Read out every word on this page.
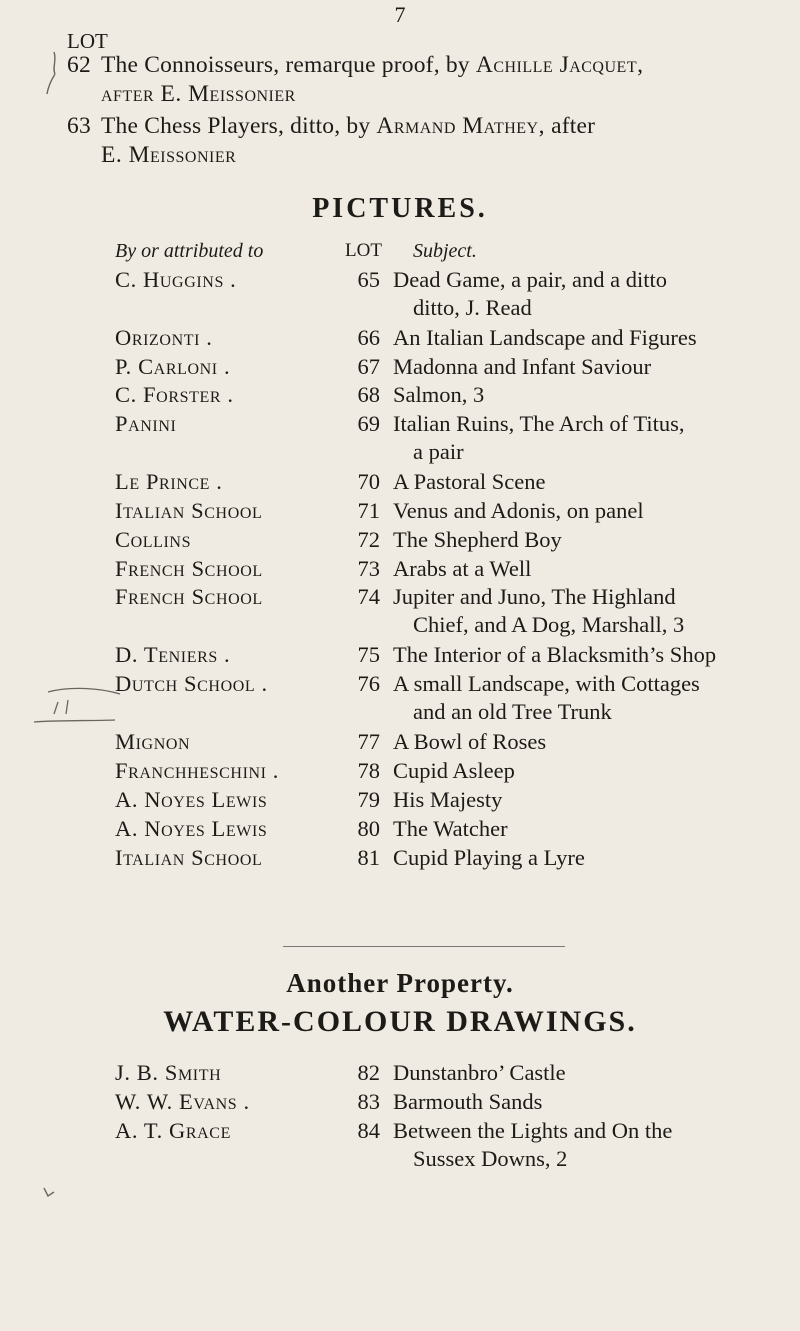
7
LOT
62 The Connoisseurs, remarque proof, by Achille Jacquet,
after E. Meissonier
63 The Chess Players, ditto, by Armand Mathey, after
E. Meissonier
PICTURES.
By or attributed to	LOT Subject.
C. Huggins .	65 Dead Game, a pair, and a ditto
ditto, J. Read
Orizonti .	66 An Italian Landscape and Figures
P. Carloni .	67 Madonna and Infant Saviour
C. Forster .	68 Salmon, 3
Panini	69 Italian Ruins, The Arch of Titus,
a pair
Le Prince .	70 A Pastoral Scene
Italian School	71 Venus and Adonis, on panel
Collins	72 The Shepherd Boy
French School	73 Arabs at a Well
French School	74 Jupiter and Juno, The Highland
Chief, and A Dog, Marshall, 3
D. Teniers .	75 The Interior of a Blacksmith’s Shop
Dutch School .	76 A small Landscape, with Cottages
and an old Tree Trunk
Mignon	77 A Bowl of Roses
Franchheschini .	78 Cupid Asleep
A. Noyes Lewis	79 His Majesty
A. Noyes Lewis	80 The Watcher
Italian School	81 Cupid Playing a Lyre
Another Property.
WATER-COLOUR DRAWINGS.
J. B. Smith	82 Dunstanbro’ Castle
W. W. Evans .	83 Barmouth Sands
A. T. Grace	84 Between the Lights and On the
Sussex Downs, 2
